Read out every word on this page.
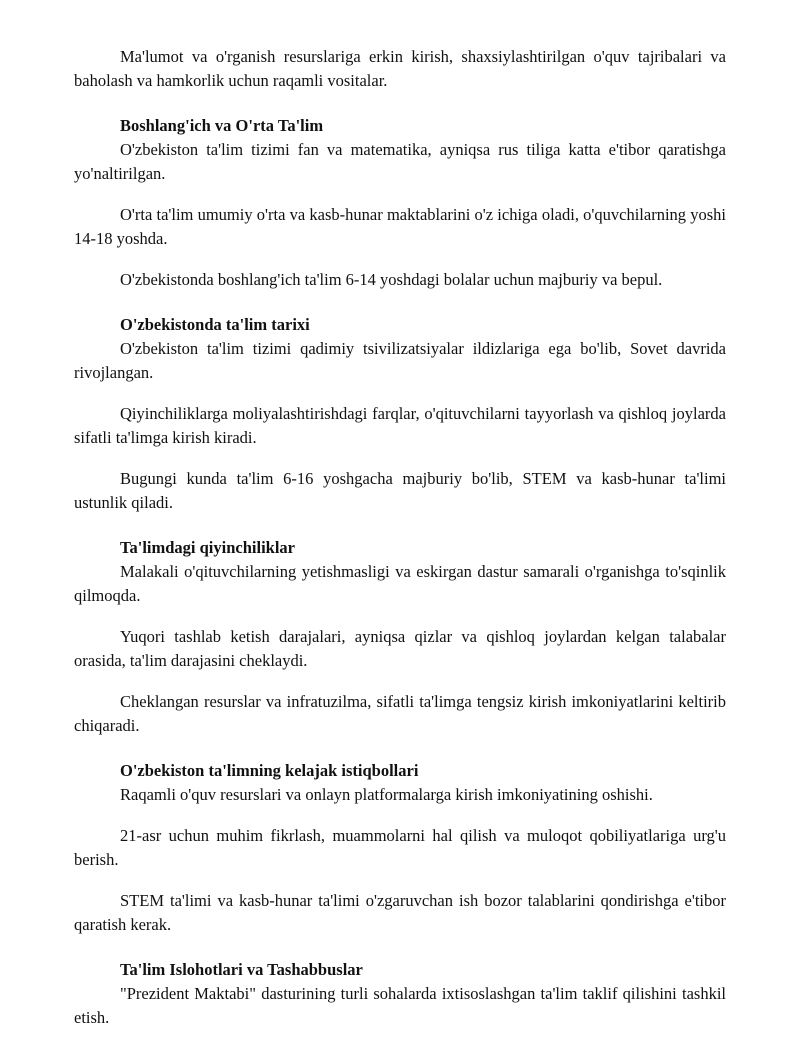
Ma'lumot va o'rganish resurslariga erkin kirish, shaxsiylashtirilgan o'quv tajribalari va baholash va hamkorlik uchun raqamli vositalar.

Boshlang'ich va O'rta Ta'lim

O'zbekiston ta'lim tizimi fan va matematika, ayniqsa rus tiliga katta e'tibor qaratishga yo'naltirilgan.

O'rta ta'lim umumiy o'rta va kasb-hunar maktablarini o'z ichiga oladi, o'quvchilarning yoshi 14-18 yoshda.

O'zbekistonda boshlang'ich ta'lim 6-14 yoshdagi bolalar uchun majburiy va bepul.

O'zbekistonda ta'lim tarixi

O'zbekiston ta'lim tizimi qadimiy tsivilizatsiyalar ildizlariga ega bo'lib, Sovet davrida rivojlangan.

Qiyinchiliklarga moliyalashtirishdagi farqlar, o'qituvchilarni tayyorlash va qishloq joylarda sifatli ta'limga kirish kiradi.

Bugungi kunda ta'lim 6-16 yoshgacha majburiy bo'lib, STEM va kasb-hunar ta'limi ustunlik qiladi.

Ta'limdagi qiyinchiliklar

Malakali o'qituvchilarning yetishmasligi va eskirgan dastur samarali o'rganishga to'sqinlik qilmoqda.

Yuqori tashlab ketish darajalari, ayniqsa qizlar va qishloq joylardan kelgan talabalar orasida, ta'lim darajasini cheklaydi.

Cheklangan resurslar va infratuzilma, sifatli ta'limga tengsiz kirish imkoniyatlarini keltirib chiqaradi.

O'zbekiston ta'limning kelajak istiqbollari

Raqamli o'quv resurslari va onlayn platformalarga kirish imkoniyatining oshishi.

21-asr uchun muhim fikrlash, muammolarni hal qilish va muloqot qobiliyatlariga urg'u berish.

STEM ta'limi va kasb-hunar ta'limi o'zgaruvchan ish bozor talablarini qondirishga e'tibor qaratish kerak.

Ta'lim Islohotlari va Tashabbuslar

"Prezident Maktabi" dasturining turli sohalarda ixtisoslashgan ta'lim taklif qilishini tashkil etish.
